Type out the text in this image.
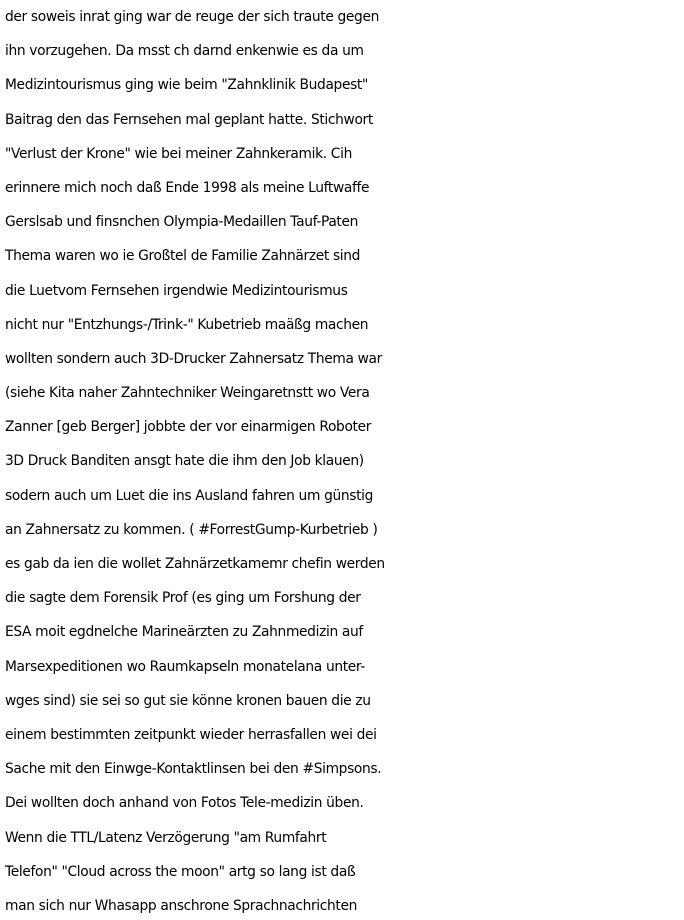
der soweis inrat ging war de reuge der sich traute gegen
ihn vorzugehen. Da msst ch darnd enkenwie es da um
Medizintourismus ging wie beim "Zahnklinik Budapest"
Baitrag den das Fernsehen mal geplant hatte. Stichwort
"Verlust der Krone" wie bei meiner Zahnkeramik. Cih
erinnere mich noch daß Ende 1998 als meine Luftwaffe
Gerslsab und finsnchen Olympia-Medaillen Tauf-Paten
Thema waren wo ie Großtel de Familie Zahnärzet sind
die Luetvom Fernsehen irgendwie Medizintourismus
nicht nur "Entzhungs-/Trink-" Kubetrieb maäßg machen
wollten sondern auch 3D-Drucker Zahnersatz Thema war
(siehe Kita naher Zahntechniker Weingaretnstt wo Vera
Zanner [geb Berger] jobbte der vor einarmigen Roboter
3D Druck Banditen ansgt hate die ihm den Job klauen)
sodern auch um Luet die ins Ausland fahren um günstig
an Zahnersatz zu kommen. ( #ForrestGump-Kurbetrieb )
es gab da ien die wollet Zahnärzetkamemr chefin werden
die sagte dem Forensik Prof (es ging um Forshung der
ESA moit egdnelche Marineärzten zu Zahnmedizin auf
Marsexpeditionen wo Raumkapseln monatelana unter-
wges sind) sie sei so gut sie könne kronen bauen die zu
einem bestimmten zeitpunkt wieder herrasfallen wei dei
Sache mit den Einwge-Kontaktlinsen bei den #Simpsons.
Dei wollten doch anhand von Fotos Tele-medizin üben.
Wenn die TTL/Latenz Verzögerung "am Rumfahrt
Telefon" "Cloud across the moon" artg so lang ist daß
man sich nur Whasapp anschrone Sprachnachrichten
